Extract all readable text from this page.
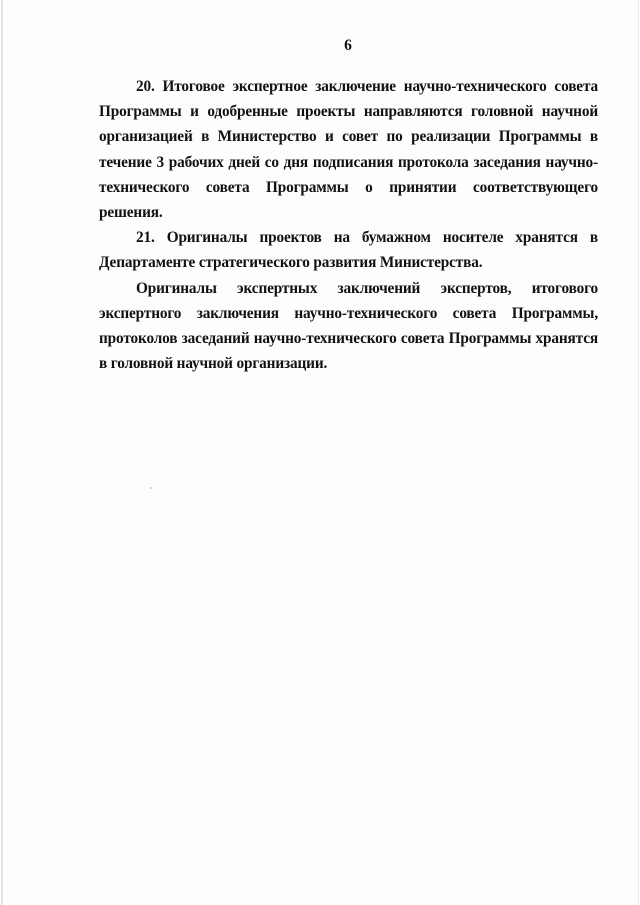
6

20. Итоговое экспертное заключение научно-технического совета Программы и одобренные проекты направляются головной научной организацией в Министерство и совет по реализации Программы в течение 3 рабочих дней со дня подписания протокола заседания научно-технического совета Программы о принятии соответствующего решения.

21. Оригиналы проектов на бумажном носителе хранятся в Департаменте стратегического развития Министерства.

Оригиналы экспертных заключений экспертов, итогового экспертного заключения научно-технического совета Программы, протоколов заседаний научно-технического совета Программы хранятся в головной научной организации.
